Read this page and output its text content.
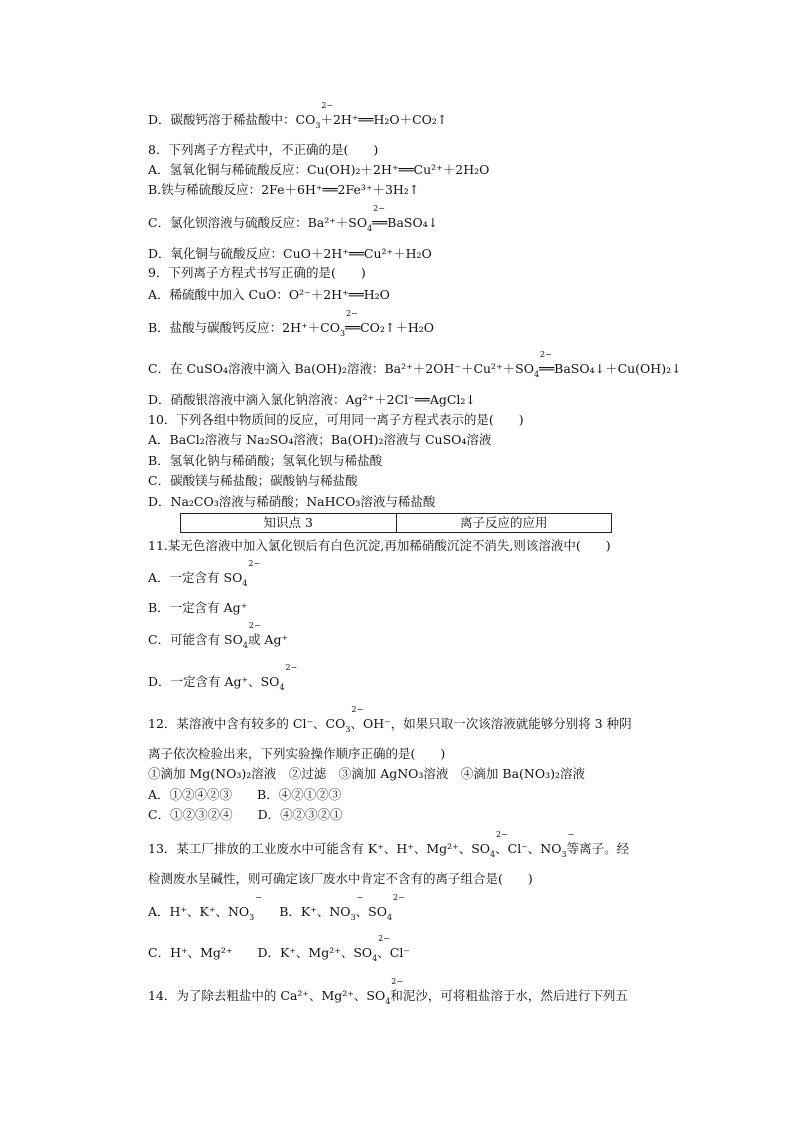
D．碳酸钙溶于稀盐酸中：CO
2−
$_3$＋2H⁺══H₂O＋CO₂↑
8．下列离子方程式中，不正确的是(　　)
A．氢氧化铜与稀硫酸反应：Cu(OH)₂＋2H⁺══Cu²⁺＋2H₂O
B.铁与稀硫酸反应：2Fe＋6H⁺══2Fe³⁺＋3H₂↑
C．氯化钡溶液与硫酸反应：Ba²⁺＋SO
2−
$_4$══BaSO₄↓
D．氧化铜与硫酸反应：CuO＋2H⁺══Cu²⁺＋H₂O
9．下列离子方程式书写正确的是(　　)
A．稀硫酸中加入 CuO：O²⁻＋2H⁺══H₂O
B．盐酸与碳酸钙反应：2H⁺＋CO
2−
$_3$══CO₂↑＋H₂O
C．在 CuSO₄溶液中滴入 Ba(OH)₂溶液：Ba²⁺＋2OH⁻＋Cu²⁺＋SO
2−
$_4$══BaSO₄↓＋Cu(OH)₂↓
D．硝酸银溶液中滴入氯化钠溶液：Ag²⁺＋2Cl⁻══AgCl₂↓
10．下列各组中物质间的反应，可用同一离子方程式表示的是(　　)
A．BaCl₂溶液与 Na₂SO₄溶液；Ba(OH)₂溶液与 CuSO₄溶液
B．氢氧化钠与稀硝酸；氢氧化钡与稀盐酸
C．碳酸镁与稀盐酸；碳酸钠与稀盐酸
D．Na₂CO₃溶液与稀硝酸；NaHCO₃溶液与稀盐酸
知识点 3	离子反应的应用
11.某无色溶液中加入氯化钡后有白色沉淀,再加稀硝酸沉淀不消失,则该溶液中(　　)
A．一定含有 SO
2−
$_4$
B．一定含有 Ag⁺
C．可能含有 SO
2−
$_4$或 Ag⁺
D．一定含有 Ag⁺、SO
2−
$_4$
12．某溶液中含有较多的 Cl⁻、CO
2−
$_3$、OH⁻，如果只取一次该溶液就能够分别将 3 种阴
离子依次检验出来，下列实验操作顺序正确的是(　　)
①滴加 Mg(NO₃)₂溶液　②过滤　③滴加 AgNO₃溶液　④滴加 Ba(NO₃)₂溶液
A．①②④②③　　B．④②①②③
C．①②③②④　　D．④②③②①
13．某工厂排放的工业废水中可能含有 K⁺、H⁺、Mg²⁺、SO
2−
$_4$、Cl⁻、NO
−
$_3$等离子。经
检测废水呈碱性，则可确定该厂废水中肯定不含有的离子组合是(　　)
A．H⁺、K⁺、NO
−
$_3$　　B．K⁺、NO
−
$_3$、SO
2−
$_4$
C．H⁺、Mg²⁺　　D．K⁺、Mg²⁺、SO
2−
$_4$、Cl⁻
14．为了除去粗盐中的 Ca²⁺、Mg²⁺、SO
2−
$_4$和泥沙，可将粗盐溶于水，然后进行下列五
